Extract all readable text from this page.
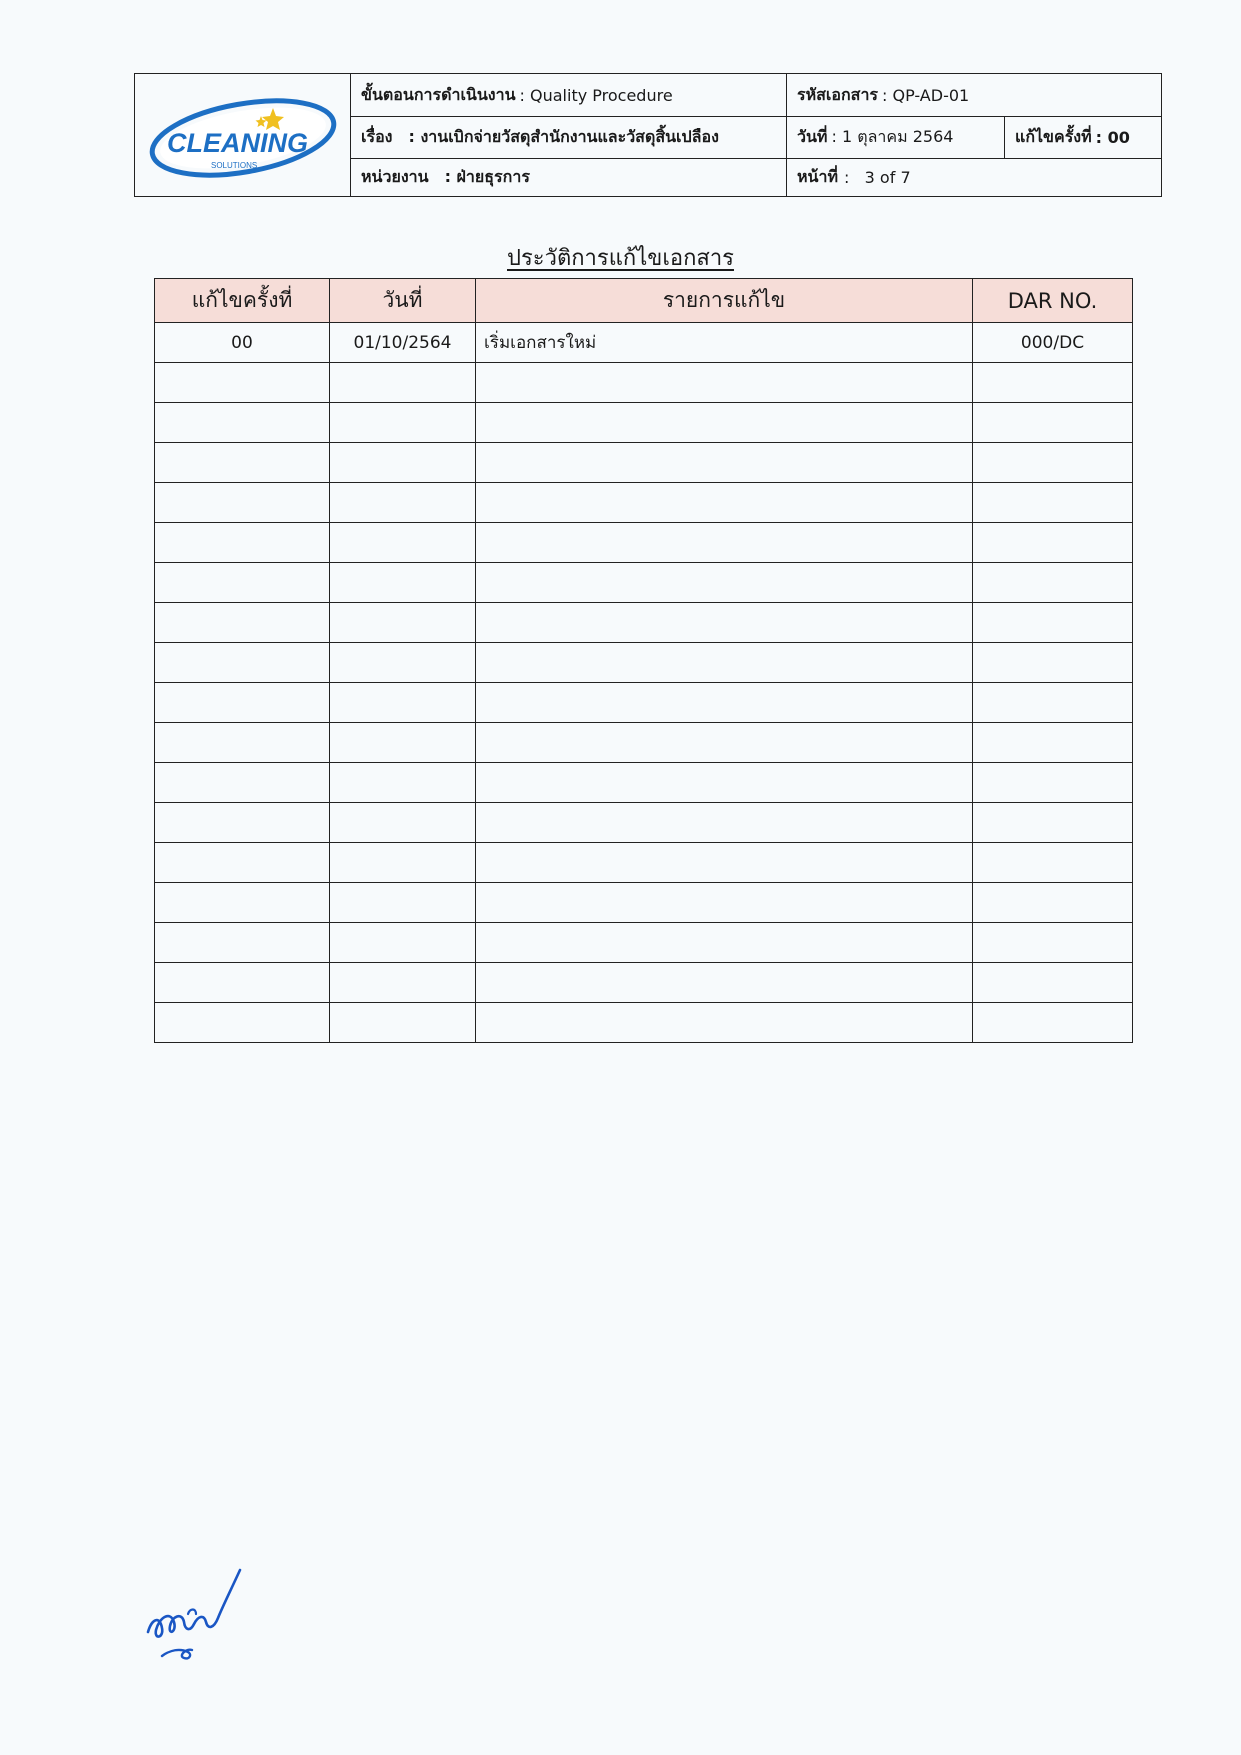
CLEANING
SOLUTIONS
ขั้นตอนการดำเนินงาน : Quality Procedure
เรื่อง : งานเบิกจ่ายวัสดุสำนักงานและวัสดุสิ้นเปลือง
หน่วยงาน : ฝ่ายธุรการ
รหัสเอกสาร : QP-AD-01
วันที่ : 1 ตุลาคม 2564	แก้ไขครั้งที่ : 00
หน้าที่ :   3 of 7
ประวัติการแก้ไขเอกสาร
แก้ไขครั้งที่	วันที่	รายการแก้ไข	DAR NO.
00	01/10/2564	เริ่มเอกสารใหม่	000/DC
